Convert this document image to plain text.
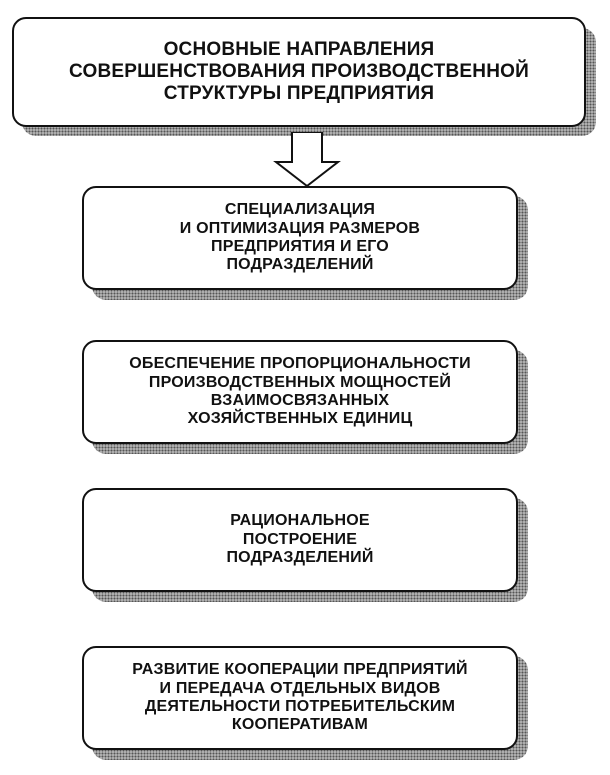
ОСНОВНЫЕ НАПРАВЛЕНИЯ
СОВЕРШЕНСТВОВАНИЯ ПРОИЗВОДСТВЕННОЙ
СТРУКТУРЫ ПРЕДПРИЯТИЯ
СПЕЦИАЛИЗАЦИЯ
И ОПТИМИЗАЦИЯ РАЗМЕРОВ
ПРЕДПРИЯТИЯ И ЕГО
ПОДРАЗДЕЛЕНИЙ
ОБЕСПЕЧЕНИЕ ПРОПОРЦИОНАЛЬНОСТИ
ПРОИЗВОДСТВЕННЫХ МОЩНОСТЕЙ
ВЗАИМОСВЯЗАННЫХ
ХОЗЯЙСТВЕННЫХ ЕДИНИЦ
РАЦИОНАЛЬНОЕ
ПОСТРОЕНИЕ
ПОДРАЗДЕЛЕНИЙ
РАЗВИТИЕ КООПЕРАЦИИ ПРЕДПРИЯТИЙ
И ПЕРЕДАЧА ОТДЕЛЬНЫХ ВИДОВ
ДЕЯТЕЛЬНОСТИ ПОТРЕБИТЕЛЬСКИМ
КООПЕРАТИВАМ
